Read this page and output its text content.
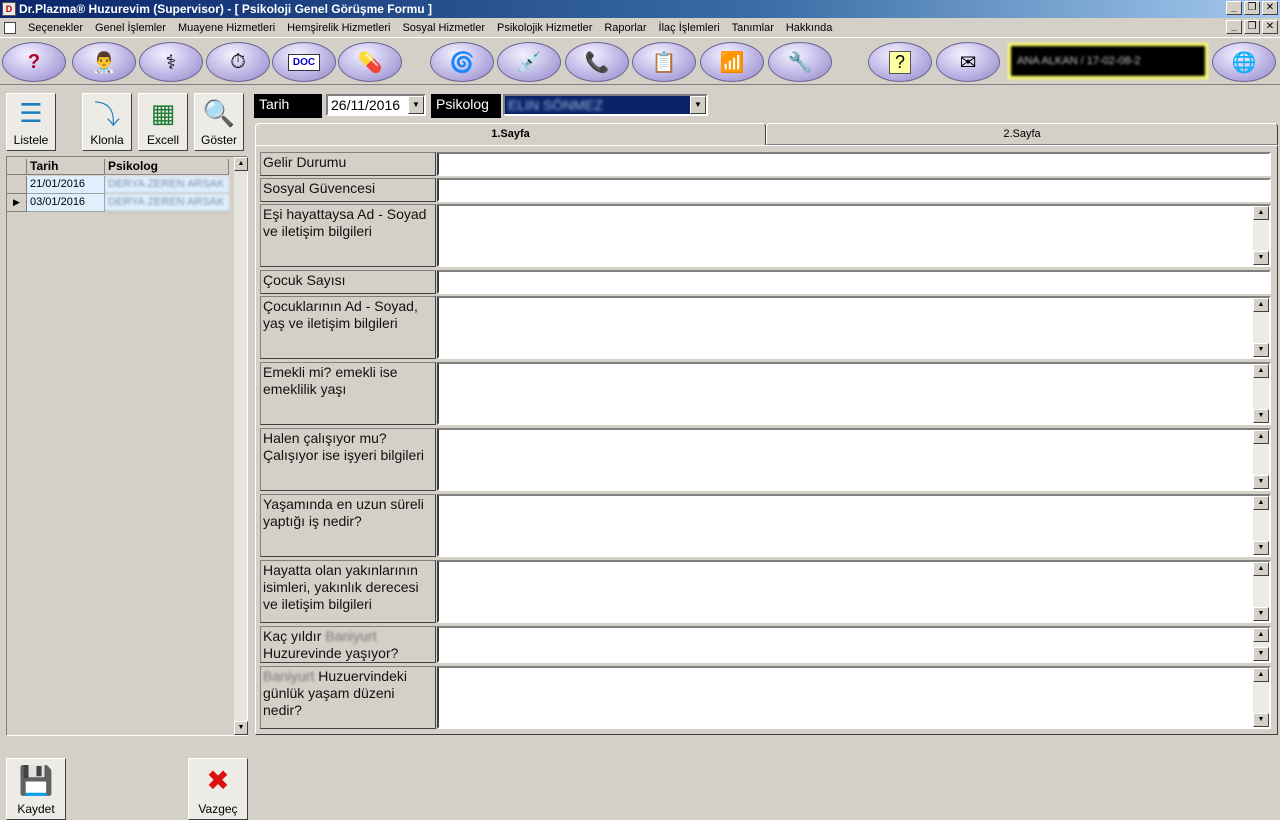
D Dr.Plazma® Huzurevim (Supervisor) - [ Psikoloji Genel Görüşme Formu ]	_	❐ ✕
Seçenekler	Genel İşlemler	Muayene Hizmetleri	Hemşirelik Hizmetleri	Sosyal Hizmetler	Psikolojik Hizmetler	Raporlar	İlaç İşlemleri	Tanımlar	Hakkında	_	❐ ✕
?	👨‍⚕️ ⚕	⏱	DOC 💊	🌀 💉 📞 📋 📶 🔧	?	✉	ANA ALKAN / 17-02-08-2	🌐
☰
Listele
⤵
Klonla
▦
Excell
🔍
Göster
Tarih	Psikolog
21/01/2016	DERYA ZEREN ARSAK
▶ 03/01/2016	DERYA ZEREN ARSAK
▲
▼
💾
Kaydet
✖
Vazgeç
Tarih	26/11/2016	▼	Psikolog	ELIN SÖNMEZ	▼
1.Sayfa	2.Sayfa
Gelir Durumu
Sosyal Güvencesi
Eşi hayattaysa Ad - Soyad ve iletişim bilgileri
▲
▼
Çocuk Sayısı
Çocuklarının Ad - Soyad, yaş ve iletişim bilgileri
▲
▼
Emekli mi? emekli ise emeklilik yaşı
▲
▼
Halen çalışıyor mu? Çalışıyor ise işyeri bilgileri
▲
▼
Yaşamında en uzun süreli yaptığı iş nedir?
▲
▼
Hayatta olan yakınlarının isimleri, yakınlık derecesi ve iletişim bilgileri
▲
▼
Kaç yıldır Baniyurt Huzurevinde yaşıyor?
▲
▼
Baniyurt Huzuervindeki günlük yaşam düzeni nedir?
▲
▼
